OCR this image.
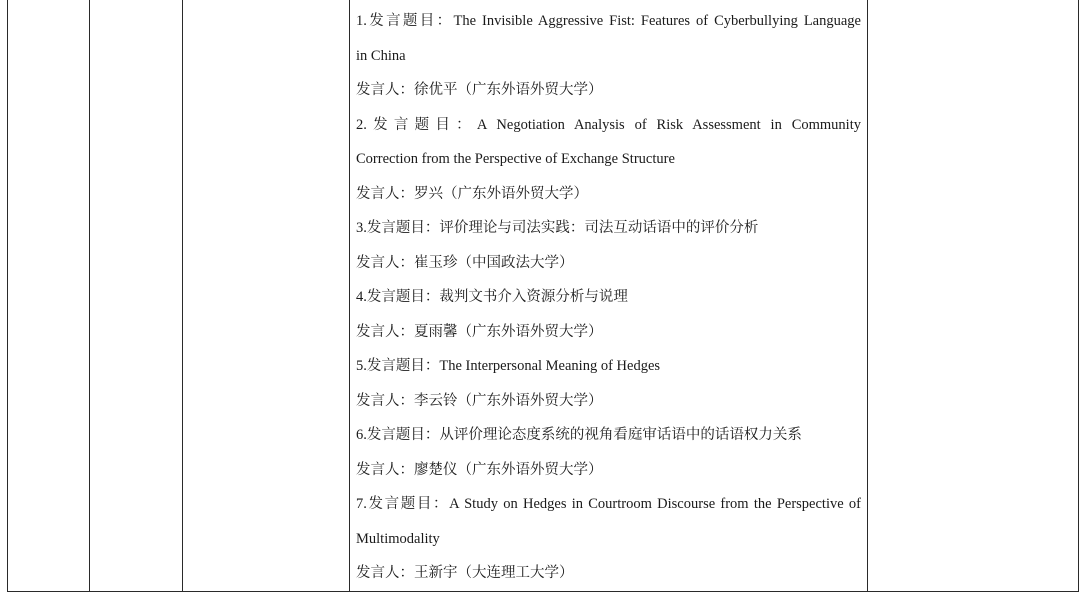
1.发言题目：The Invisible Aggressive Fist: Features of Cyberbullying Language
in China
发言人：徐优平（广东外语外贸大学）
2.发言题目：A Negotiation Analysis of Risk Assessment in Community
Correction from the Perspective of Exchange Structure
发言人：罗兴（广东外语外贸大学）
3.发言题目：评价理论与司法实践：司法互动话语中的评价分析
发言人：崔玉珍（中国政法大学）
4.发言题目：裁判文书介入资源分析与说理
发言人：夏雨馨（广东外语外贸大学）
5.发言题目：The Interpersonal Meaning of Hedges
发言人：李云铃（广东外语外贸大学）
6.发言题目：从评价理论态度系统的视角看庭审话语中的话语权力关系
发言人：廖楚仪（广东外语外贸大学）
7.发言题目：A Study on Hedges in Courtroom Discourse from the Perspective of
Multimodality
发言人：王新宇（大连理工大学）
